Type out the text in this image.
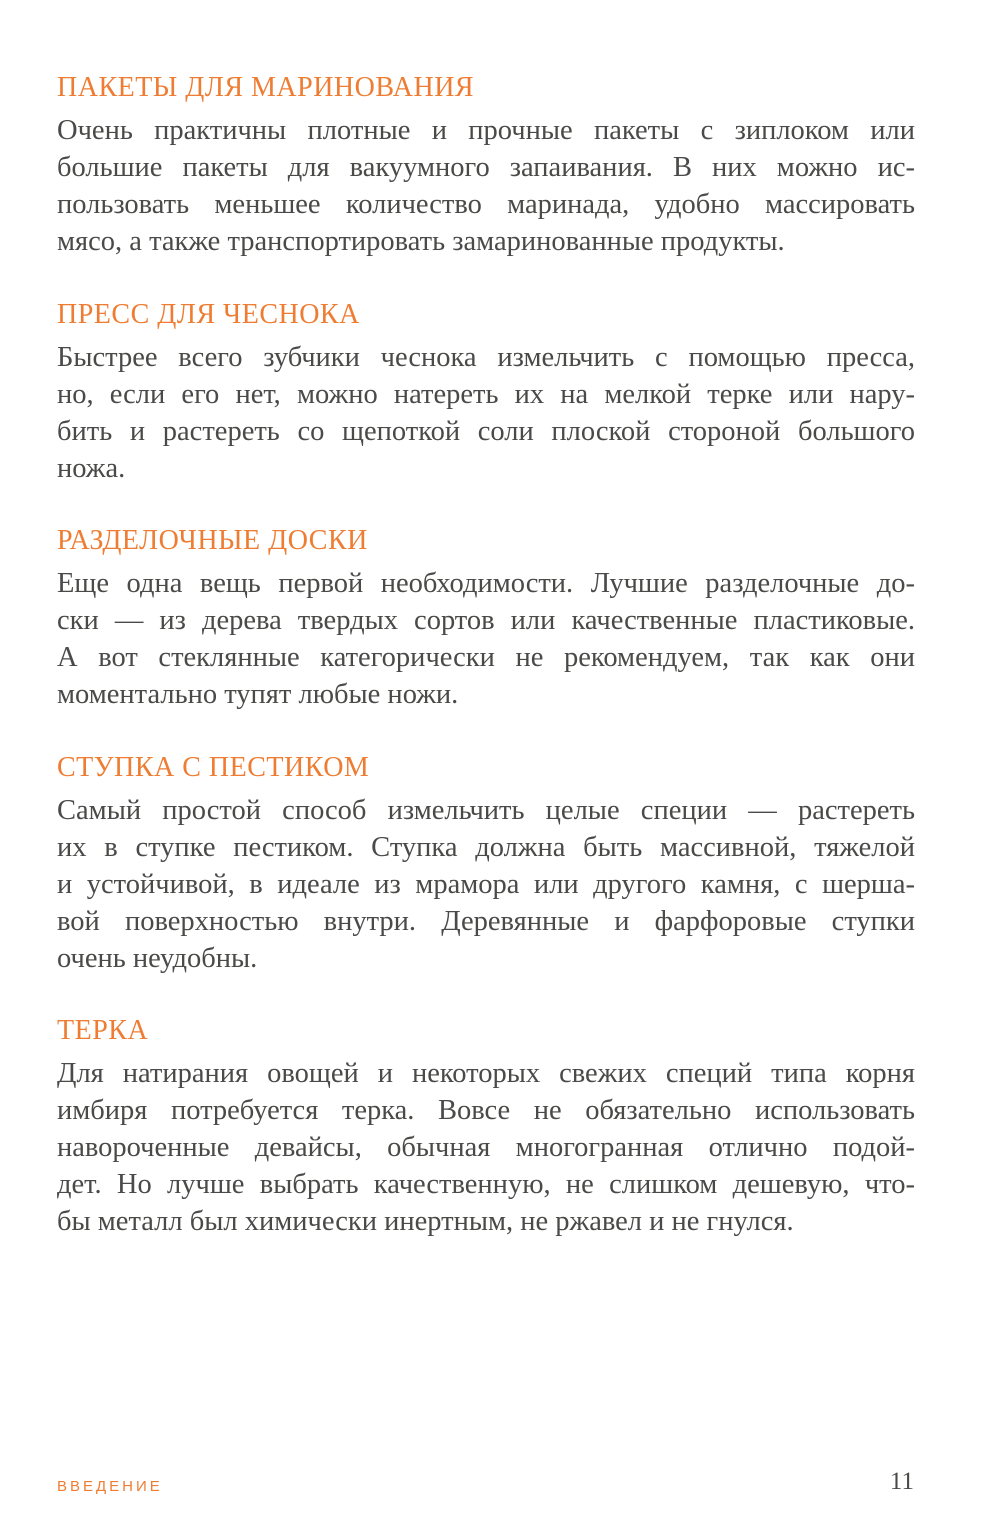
ПАКЕТЫ ДЛЯ МАРИНОВАНИЯ
Очень практичны плотные и прочные пакеты с зиплоком или
большие пакеты для вакуумного запаивания. В них можно ис-
пользовать меньшее количество маринада, удобно массировать
мясо, а также транспортировать замаринованные продукты.
ПРЕСС ДЛЯ ЧЕСНОКА
Быстрее всего зубчики чеснока измельчить с помощью пресса,
но, если его нет, можно натереть их на мелкой терке или нару-
бить и растереть со щепоткой соли плоской стороной большого
ножа.
РАЗДЕЛОЧНЫЕ ДОСКИ
Еще одна вещь первой необходимости. Лучшие разделочные до-
ски — из дерева твердых сортов или качественные пластиковые.
А вот стеклянные категорически не рекомендуем, так как они
моментально тупят любые ножи.
СТУПКА С ПЕСТИКОМ
Самый простой способ измельчить целые специи — растереть
их в ступке пестиком. Ступка должна быть массивной, тяжелой
и устойчивой, в идеале из мрамора или другого камня, с шерша-
вой поверхностью внутри. Деревянные и фарфоровые ступки
очень неудобны.
ТЕРКА
Для натирания овощей и некоторых свежих специй типа корня
имбиря потребуется терка. Вовсе не обязательно использовать
навороченные девайсы, обычная многогранная отлично подой-
дет. Но лучше выбрать качественную, не слишком дешевую, что-
бы металл был химически инертным, не ржавел и не гнулся.
ВВЕДЕНИЕ	11
